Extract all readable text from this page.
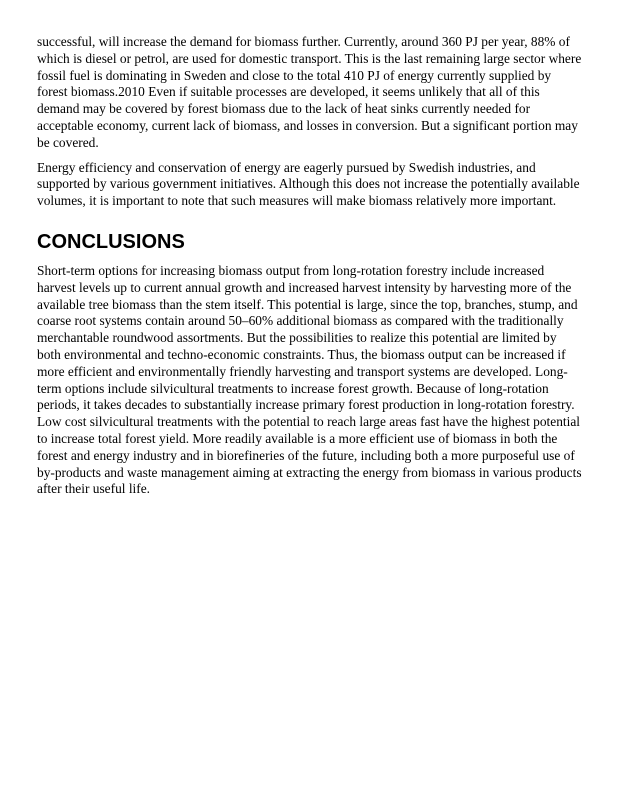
successful, will increase the demand for biomass further. Currently, around 360 PJ per year, 88% of which is diesel or petrol, are used for domestic transport. This is the last remaining large sector where fossil fuel is dominating in Sweden and close to the total 410 PJ of energy currently supplied by forest biomass.2010 Even if suitable processes are developed, it seems unlikely that all of this demand may be covered by forest biomass due to the lack of heat sinks currently needed for acceptable economy, current lack of biomass, and losses in conversion. But a significant portion may be covered.

Energy efficiency and conservation of energy are eagerly pursued by Swedish industries, and supported by various government initiatives. Although this does not increase the potentially available volumes, it is important to note that such measures will make biomass relatively more important.

CONCLUSIONS

Short-term options for increasing biomass output from long-rotation forestry include increased harvest levels up to current annual growth and increased harvest intensity by harvesting more of the available tree biomass than the stem itself. This potential is large, since the top, branches, stump, and coarse root systems contain around 50–60% additional biomass as compared with the traditionally merchantable roundwood assortments. But the possibilities to realize this potential are limited by both environmental and techno-economic constraints. Thus, the biomass output can be increased if more efficient and environmentally friendly harvesting and transport systems are developed. Long-term options include silvicultural treatments to increase forest growth. Because of long-rotation periods, it takes decades to substantially increase primary forest production in long-rotation forestry. Low cost silvicultural treatments with the potential to reach large areas fast have the highest potential to increase total forest yield. More readily available is a more efficient use of biomass in both the forest and energy industry and in biorefineries of the future, including both a more purposeful use of by-products and waste management aiming at extracting the energy from biomass in various products after their useful life.
